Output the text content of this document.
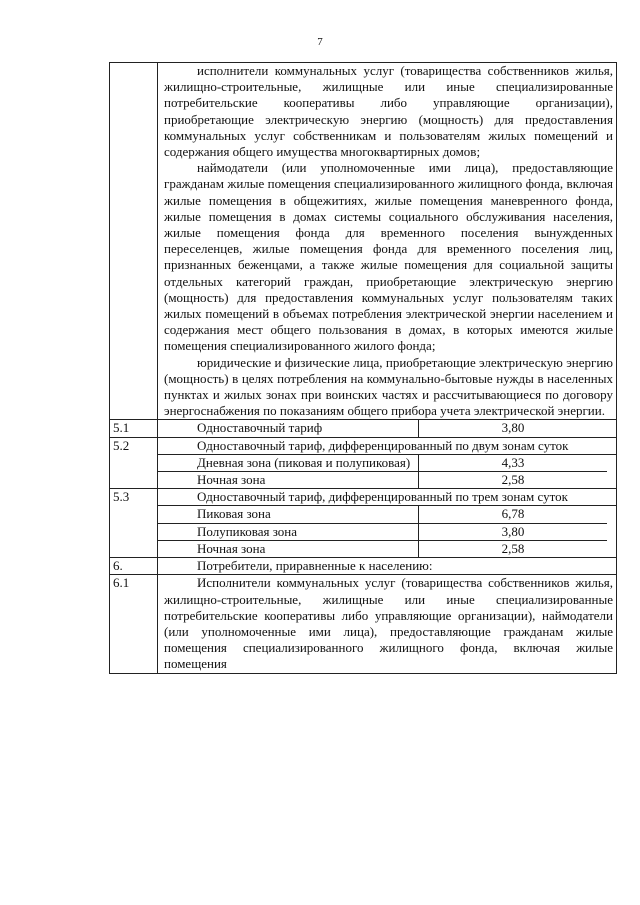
7

исполнители коммунальных услуг (товарищества собственников жилья, жилищно-строительные, жилищные или иные специализированные потребительские кооперативы либо управляющие организации), приобретающие электрическую энергию (мощность) для предоставления коммунальных услуг собственникам и пользователям жилых помещений и содержания общего имущества многоквартирных домов;
наймодатели (или уполномоченные ими лица), предоставляющие гражданам жилые помещения специализированного жилищного фонда, включая жилые помещения в общежитиях, жилые помещения маневренного фонда, жилые помещения в домах системы социального обслуживания населения, жилые помещения фонда для временного поселения вынужденных переселенцев, жилые помещения фонда для временного поселения лиц, признанных беженцами, а также жилые помещения для социальной защиты отдельных категорий граждан, приобретающие электрическую энергию (мощность) для предоставления коммунальных услуг пользователям таких жилых помещений в объемах потребления электрической энергии населением и содержания мест общего пользования в домах, в которых имеются жилые помещения специализированного жилого фонда;
юридические и физические лица, приобретающие электрическую энергию (мощность) в целях потребления на коммунально-бытовые нужды в населенных пунктах и жилых зонах при воинских частях и рассчитывающиеся по договору энергоснабжения по показаниям общего прибора учета электрической энергии.

5.1		Одноставочный тариф	3,80

5.2	Одноставочный тариф, дифференцированный по двум зонам суток
Дневная зона (пиковая и полупиковая)	4,33
Ночная зона	2,58

5.3	Одноставочный тариф, дифференцированный по трем зонам суток
Пиковая зона	6,78
Полупиковая зона	3,80
Ночная зона	2,58

6.	Потребители, приравненные к населению:
6.1	Исполнители коммунальных услуг (товарищества собственников жилья, жилищно-строительные, жилищные или иные специализированные потребительские кооперативы либо управляющие организации), наймодатели (или уполномоченные ими лица), предоставляющие гражданам жилые помещения специализированного жилищного фонда, включая жилые помещения
